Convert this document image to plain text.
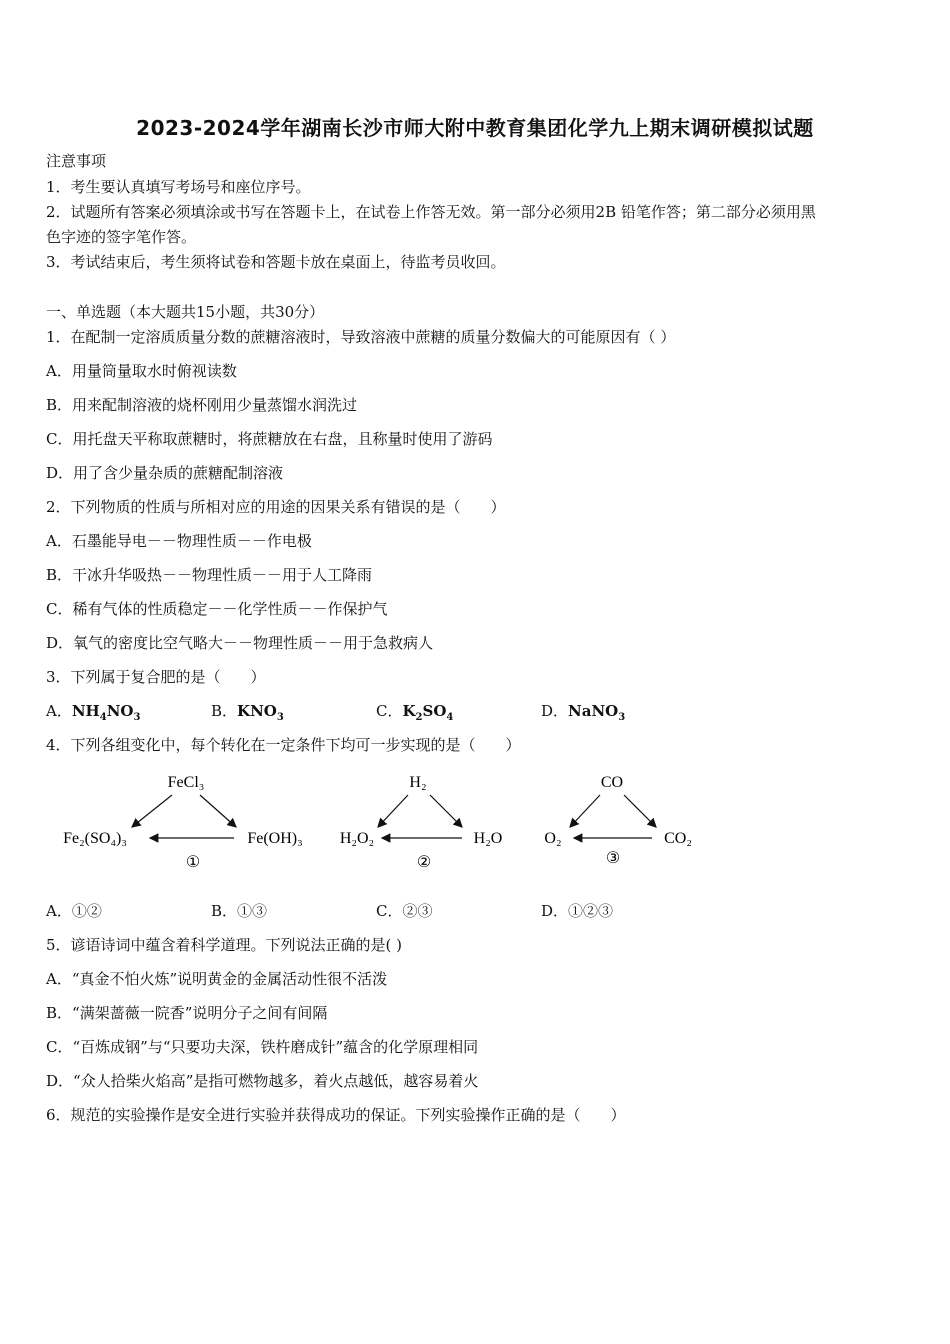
2023-2024学年湖南长沙市师大附中教育集团化学九上期末调研模拟试题
注意事项
1．考生要认真填写考场号和座位序号。
2．试题所有答案必须填涂或书写在答题卡上，在试卷上作答无效。第一部分必须用2B 铅笔作答；第二部分必须用黑
色字迹的签字笔作答。
3．考试结束后，考生须将试卷和答题卡放在桌面上，待监考员收回。
一、单选题（本大题共15小题，共30分）
1．在配制一定溶质质量分数的蔗糖溶液时，导致溶液中蔗糖的质量分数偏大的可能原因有（ ）
A．用量筒量取水时俯视读数
B．用来配制溶液的烧杯刚用少量蒸馏水润洗过
C．用托盘天平称取蔗糖时，将蔗糖放在右盘，且称量时使用了游码
D．用了含少量杂质的蔗糖配制溶液
2．下列物质的性质与所相对应的用途的因果关系有错误的是（　　）
A．石墨能导电－－物理性质－－作电极
B．干冰升华吸热－－物理性质－－用于人工降雨
C．稀有气体的性质稳定－－化学性质－－作保护气
D．氧气的密度比空气略大－－物理性质－－用于急救病人
3．下列属于复合肥的是（　　）
A．$NH_4NO_3$	B．$KNO_3$	C．$K_2SO_4$	D．NaNO$_3$
4．下列各组变化中，每个转化在一定条件下均可一步实现的是（　　）
FeCl₃
Fe₂(SO₄)₃	Fe(OH)₃
①
H₂
H₂O₂	H₂O
②
CO
O₂	CO₂
③
A．①②	B．①③	C．②③	D．①②③
5．谚语诗词中蕴含着科学道理。下列说法正确的是( )
A．“真金不怕火炼”说明黄金的金属活动性很不活泼
B．“满架蔷薇一院香”说明分子之间有间隔
C．“百炼成钢”与“只要功夫深，铁杵磨成针”蕴含的化学原理相同
D．“众人拾柴火焰高”是指可燃物越多，着火点越低，越容易着火
6．规范的实验操作是安全进行实验并获得成功的保证。下列实验操作正确的是（　　）
